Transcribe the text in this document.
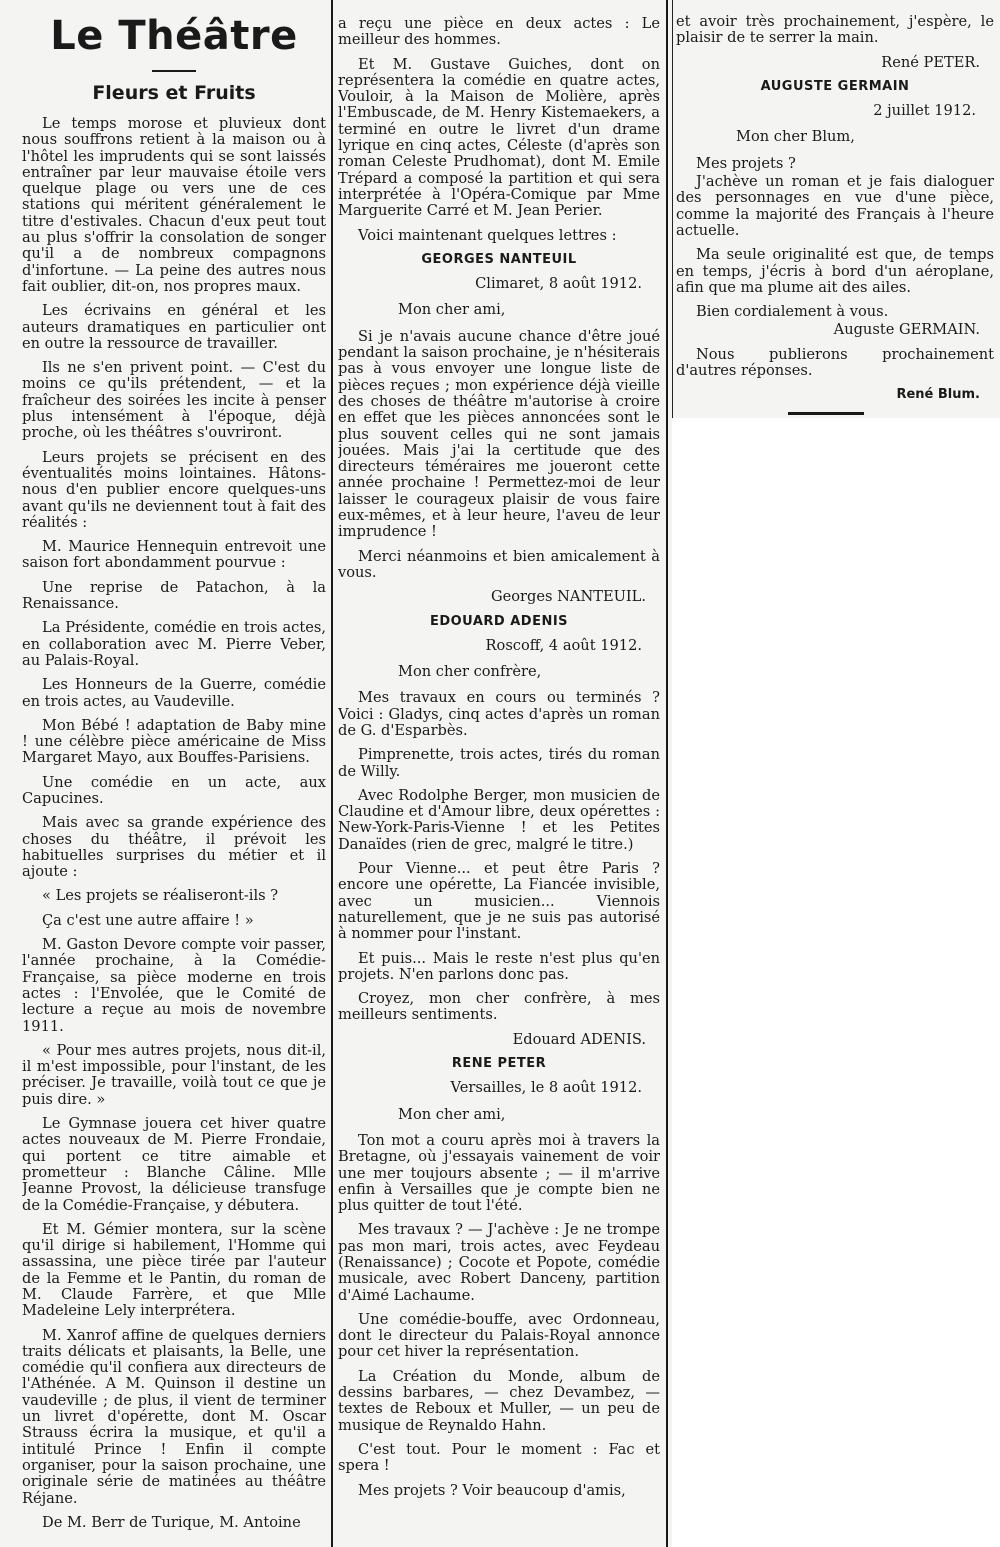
Le Théâtre
Fleurs et Fruits

Le temps morose et pluvieux dont nous souffrons retient à la maison ou à l'hôtel les imprudents qui se sont laissés entraîner par leur mauvaise étoile vers quelque plage ou vers une de ces stations qui méritent généralement le titre d'estivales. Chacun d'eux peut tout au plus s'offrir la consolation de songer qu'il a de nombreux compagnons d'infortune. — La peine des autres nous fait oublier, dit-on, nos propres maux.

Les écrivains en général et les auteurs dramatiques en particulier ont en outre la ressource de travailler.

Ils ne s'en privent point. — C'est du moins ce qu'ils prétendent, — et la fraîcheur des soirées les incite à penser plus intensément à l'époque, déjà proche, où les théâtres s'ouvriront.

Leurs projets se précisent en des éventualités moins lointaines. Hâtons-nous d'en publier encore quelques-uns avant qu'ils ne deviennent tout à fait des réalités :

M. Maurice Hennequin entrevoit une saison fort abondamment pourvue :

Une reprise de Patachon, à la Renaissance.

La Présidente, comédie en trois actes, en collaboration avec M. Pierre Veber, au Palais-Royal.

Les Honneurs de la Guerre, comédie en trois actes, au Vaudeville.

Mon Bébé ! adaptation de Baby mine ! une célèbre pièce américaine de Miss Margaret Mayo, aux Bouffes-Parisiens.

Une comédie en un acte, aux Capucines.

Mais avec sa grande expérience des choses du théâtre, il prévoit les habituelles surprises du métier et il ajoute :

« Les projets se réaliseront-ils ?

Ça c'est une autre affaire ! »

M. Gaston Devore compte voir passer, l'année prochaine, à la Comédie-Française, sa pièce moderne en trois actes : l'Envolée, que le Comité de lecture a reçue au mois de novembre 1911.

« Pour mes autres projets, nous dit-il, il m'est impossible, pour l'instant, de les préciser. Je travaille, voilà tout ce que je puis dire. »

Le Gymnase jouera cet hiver quatre actes nouveaux de M. Pierre Frondaie, qui portent ce titre aimable et prometteur : Blanche Câline. Mlle Jeanne Provost, la délicieuse transfuge de la Comédie-Française, y débutera.

Et M. Gémier montera, sur la scène qu'il dirige si habilement, l'Homme qui assassina, une pièce tirée par l'auteur de la Femme et le Pantin, du roman de M. Claude Farrère, et que Mlle Madeleine Lely interprétera.

M. Xanrof affine de quelques derniers traits délicats et plaisants, la Belle, une comédie qu'il confiera aux directeurs de l'Athénée. A M. Quinson il destine un vaudeville ; de plus, il vient de terminer un livret d'opérette, dont M. Oscar Strauss écrira la musique, et qu'il a intitulé Prince ! Enfin il compte organiser, pour la saison prochaine, une originale série de matinées au théâtre Réjane.

De M. Berr de Turique, M. Antoine

a reçu une pièce en deux actes : Le meilleur des hommes.

Et M. Gustave Guiches, dont on représentera la comédie en quatre actes, Vouloir, à la Maison de Molière, après l'Embuscade, de M. Henry Kistemaekers, a terminé en outre le livret d'un drame lyrique en cinq actes, Céleste (d'après son roman Celeste Prudhomat), dont M. Emile Trépard a composé la partition et qui sera interprétée à l'Opéra-Comique par Mme Marguerite Carré et M. Jean Perier.

Voici maintenant quelques lettres :

GEORGES NANTEUIL
Climaret, 8 août 1912.
Mon cher ami,

Si je n'avais aucune chance d'être joué pendant la saison prochaine, je n'hésiterais pas à vous envoyer une longue liste de pièces reçues ; mon expérience déjà vieille des choses de théâtre m'autorise à croire en effet que les pièces annoncées sont le plus souvent celles qui ne sont jamais jouées. Mais j'ai la certitude que des directeurs téméraires me joueront cette année prochaine ! Permettez-moi de leur laisser le courageux plaisir de vous faire eux-mêmes, et à leur heure, l'aveu de leur imprudence !

Merci néanmoins et bien amicalement à vous.

Georges NANTEUIL.
EDOUARD ADENIS
Roscoff, 4 août 1912.
Mon cher confrère,

Mes travaux en cours ou terminés ? Voici : Gladys, cinq actes d'après un roman de G. d'Esparbès.

Pimprenette, trois actes, tirés du roman de Willy.

Avec Rodolphe Berger, mon musicien de Claudine et d'Amour libre, deux opérettes : New-York-Paris-Vienne ! et les Petites Danaïdes (rien de grec, malgré le titre.)

Pour Vienne... et peut être Paris ? encore une opérette, La Fiancée invisible, avec un musicien... Viennois naturellement, que je ne suis pas autorisé à nommer pour l'instant.

Et puis... Mais le reste n'est plus qu'en projets. N'en parlons donc pas.

Croyez, mon cher confrère, à mes meilleurs sentiments.

Edouard ADENIS.
RENE PETER
Versailles, le 8 août 1912.
Mon cher ami,

Ton mot a couru après moi à travers la Bretagne, où j'essayais vainement de voir une mer toujours absente ; — il m'arrive enfin à Versailles que je compte bien ne plus quitter de tout l'été.

Mes travaux ? — J'achève : Je ne trompe pas mon mari, trois actes, avec Feydeau (Renaissance) ; Cocote et Popote, comédie musicale, avec Robert Danceny, partition d'Aimé Lachaume.

Une comédie-bouffe, avec Ordonneau, dont le directeur du Palais-Royal annonce pour cet hiver la représentation.

La Création du Monde, album de dessins barbares, — chez Devambez, — textes de Reboux et Muller, — un peu de musique de Reynaldo Hahn.

C'est tout. Pour le moment : Fac et spera !

Mes projets ? Voir beaucoup d'amis,

et avoir très prochainement, j'espère, le plaisir de te serrer la main.

René PETER.
AUGUSTE GERMAIN
2 juillet 1912.
Mon cher Blum,

Mes projets ?

J'achève un roman et je fais dialoguer des personnages en vue d'une pièce, comme la majorité des Français à l'heure actuelle.

Ma seule originalité est que, de temps en temps, j'écris à bord d'un aéroplane, afin que ma plume ait des ailes.

Bien cordialement à vous.

Auguste GERMAIN.

Nous publierons prochainement d'autres réponses.

René Blum.
